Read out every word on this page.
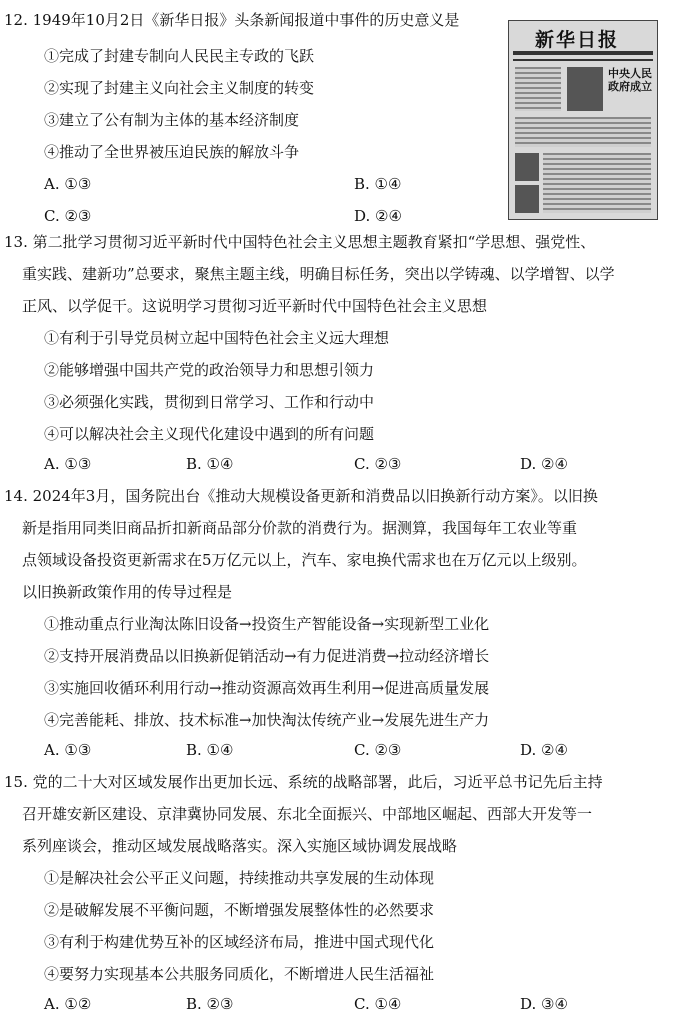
12. 1949年10月2日《新华日报》头条新闻报道中事件的历史意义是
①完成了封建专制向人民民主专政的飞跃
②实现了封建主义向社会主义制度的转变
③建立了公有制为主体的基本经济制度
④推动了全世界被压迫民族的解放斗争
A. ①③	B. ①④
C. ②③	D. ②④
新华日报
中央人民政府成立
13. 第二批学习贯彻习近平新时代中国特色社会主义思想主题教育紧扣“学思想、强党性、
重实践、建新功”总要求，聚焦主题主线，明确目标任务，突出以学铸魂、以学增智、以学
正风、以学促干。这说明学习贯彻习近平新时代中国特色社会主义思想
①有利于引导党员树立起中国特色社会主义远大理想
②能够增强中国共产党的政治领导力和思想引领力
③必须强化实践，贯彻到日常学习、工作和行动中
④可以解决社会主义现代化建设中遇到的所有问题
A. ①③	B. ①④	C. ②③	D. ②④
14. 2024年3月，国务院出台《推动大规模设备更新和消费品以旧换新行动方案》。以旧换
新是指用同类旧商品折扣新商品部分价款的消费行为。据测算，我国每年工农业等重
点领域设备投资更新需求在5万亿元以上，汽车、家电换代需求也在万亿元以上级别。
以旧换新政策作用的传导过程是
①推动重点行业淘汰陈旧设备→投资生产智能设备→实现新型工业化
②支持开展消费品以旧换新促销活动→有力促进消费→拉动经济增长
③实施回收循环利用行动→推动资源高效再生利用→促进高质量发展
④完善能耗、排放、技术标准→加快淘汰传统产业→发展先进生产力
A. ①③	B. ①④	C. ②③	D. ②④
15. 党的二十大对区域发展作出更加长远、系统的战略部署，此后，习近平总书记先后主持
召开雄安新区建设、京津冀协同发展、东北全面振兴、中部地区崛起、西部大开发等一
系列座谈会，推动区域发展战略落实。深入实施区域协调发展战略
①是解决社会公平正义问题，持续推动共享发展的生动体现
②是破解发展不平衡问题，不断增强发展整体性的必然要求
③有利于构建优势互补的区域经济布局，推进中国式现代化
④要努力实现基本公共服务同质化，不断增进人民生活福祉
A. ①②	B. ②③	C. ①④	D. ③④
